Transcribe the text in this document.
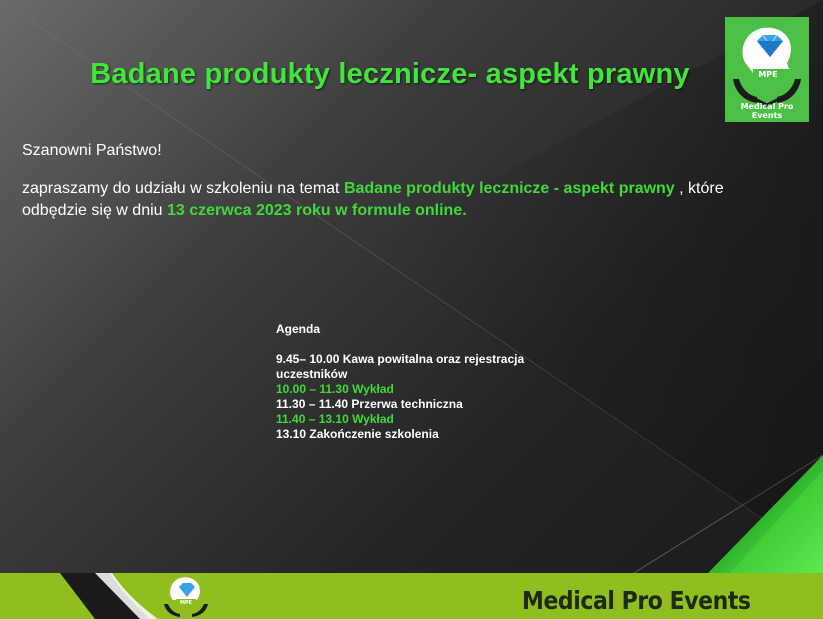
Badane produkty lecznicze- aspekt prawny
Szanowni Państwo!
zapraszamy do udziału w szkoleniu na temat Badane produkty lecznicze - aspekt prawny , które odbędzie się w dniu 13 czerwca 2023 roku w formule online.
Agenda
9.45– 10.00 Kawa powitalna oraz rejestracja uczestników
10.00 – 11.30 Wykład
11.30 – 11.40 Przerwa techniczna
11.40 – 13.10 Wykład
13.10 Zakończenie szkolenia
MPE
Medical Pro Events
MPE	Medical Pro Events
